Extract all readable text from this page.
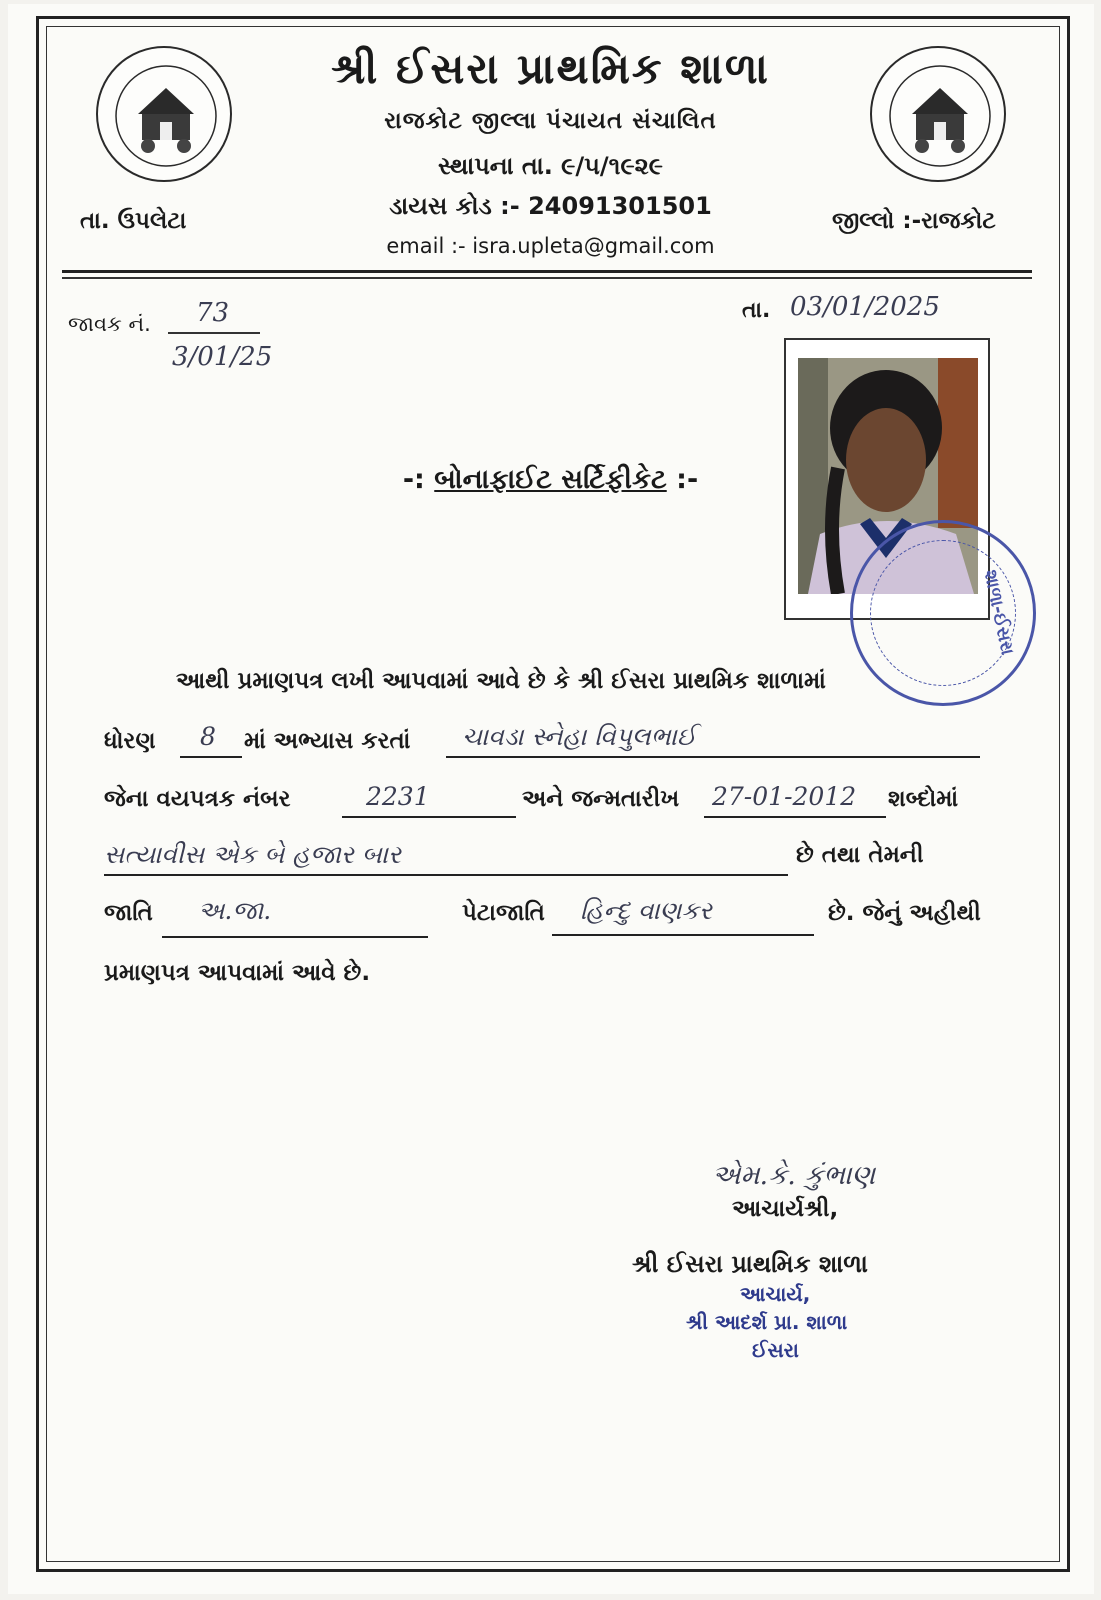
શ્રી ઈસરા પ્રાથમિક શાળા
રાજકોટ જીલ્લા પંચાયત સંચાલિત
સ્થાપના તા. ૯/૫/૧૯૨૯
ડાયસ કોડ :- 24091301501
email :- isra.upleta@gmail.com
તા. ઉપલેટા	જીલ્લો :-રાજકોટ
જાવક નં. 73
3/01/25
તા. 03/01/2025
-: બોનાફાઈટ સર્ટિફીકેટ :-
શાળા-ઈસરા
આથી પ્રમાણપત્ર લખી આપવામાં આવે છે કે શ્રી ઈસરા પ્રાથમિક શાળામાં
ધોરણ 8 માં અભ્યાસ કરતાં ચાવડા સ્નેહા વિપુલભાઈ
જેના વયપત્રક નંબર	2231	અને જન્મતારીખ 27-01-2012 શબ્દોમાં
સત્યાવીસ એક બે હજાર બાર	છે તથા તેમની
જાતિ અ.જા.	પેટાજાતિ હિન્દુ વાણકર	છે. જેનું અહીથી
પ્રમાણપત્ર આપવામાં આવે છે.
એમ.કે. કુંભાણ
આચાર્યશ્રી,
શ્રી ઈસરા પ્રાથમિક શાળા
આચાર્ય,
શ્રી આદર્શ પ્રા. શાળા
ઈસરા
